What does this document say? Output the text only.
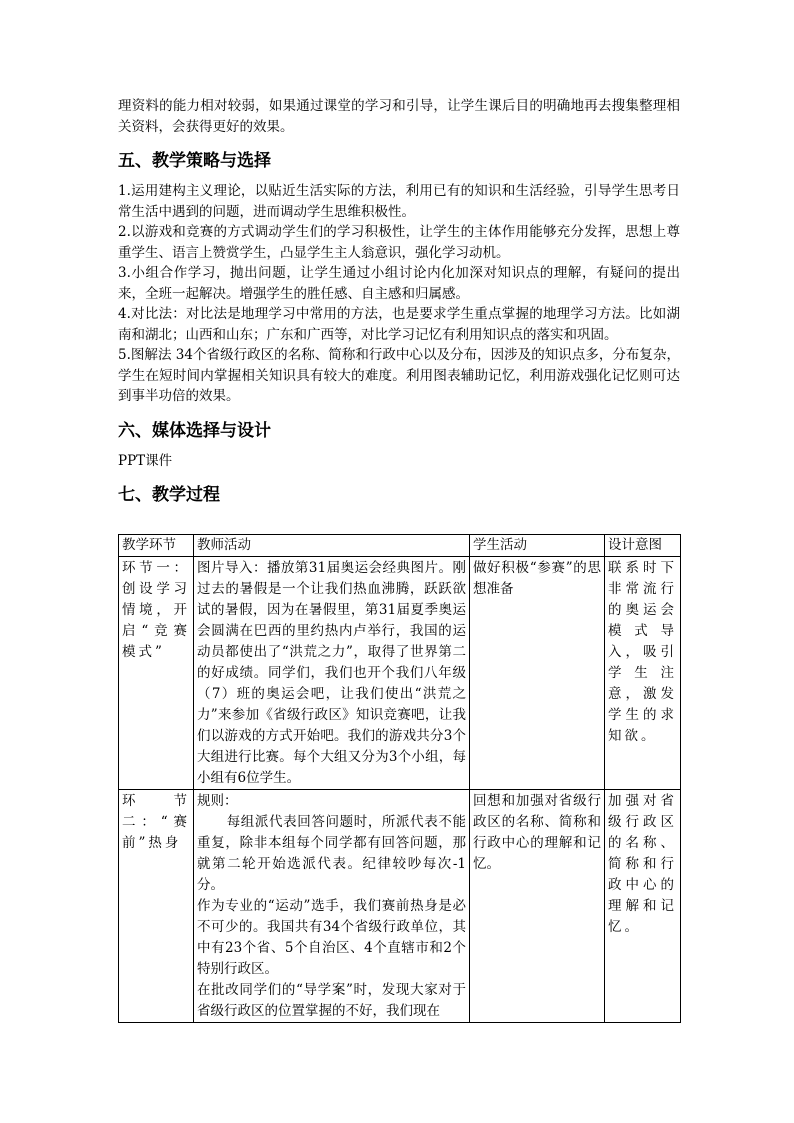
理资料的能力相对较弱，如果通过课堂的学习和引导，让学生课后目的明确地再去搜集整理相关资料，会获得更好的效果。

五、教学策略与选择

1.运用建构主义理论，以贴近生活实际的方法，利用已有的知识和生活经验，引导学生思考日常生活中遇到的问题，进而调动学生思维积极性。

2.以游戏和竞赛的方式调动学生们的学习积极性，让学生的主体作用能够充分发挥，思想上尊重学生、语言上赞赏学生，凸显学生主人翁意识，强化学习动机。

3.小组合作学习，抛出问题，让学生通过小组讨论内化加深对知识点的理解，有疑问的提出来，全班一起解决。增强学生的胜任感、自主感和归属感。

4.对比法：对比法是地理学习中常用的方法，也是要求学生重点掌握的地理学习方法。比如湖南和湖北；山西和山东；广东和广西等，对比学习记忆有利用知识点的落实和巩固。

5.图解法 34个省级行政区的名称、简称和行政中心以及分布，因涉及的知识点多，分布复杂，学生在短时间内掌握相关知识具有较大的难度。利用图表辅助记忆，利用游戏强化记忆则可达到事半功倍的效果。

六、媒体选择与设计

PPT课件

七、教学过程
教学环节	教师活动	学生活动	设计意图
环节一：创设学习情境，开启“竞赛模式”	图片导入：播放第31届奥运会经典图片。刚过去的暑假是一个让我们热血沸腾，跃跃欲试的暑假，因为在暑假里，第31届夏季奥运会圆满在巴西的里约热内卢举行，我国的运动员都使出了“洪荒之力”，取得了世界第二的好成绩。同学们，我们也开个我们八年级（7）班的奥运会吧，让我们使出“洪荒之力”来参加《省级行政区》知识竞赛吧，让我们以游戏的方式开始吧。我们的游戏共分3个大组进行比赛。每个大组又分为3个小组，每小组有6位学生。	做好积极“参赛”的思想准备	联系时下非常流行的奥运会模式导入，吸引学生注意，激发学生的求知欲。
环节二：“赛前”热身	规则：

每组派代表回答问题时，所派代表不能重复，除非本组每个同学都有回答问题，那就第二轮开始选派代表。纪律较吵每次-1分。

作为专业的“运动”选手，我们赛前热身是必不可少的。我国共有34个省级行政单位，其中有23个省、5个自治区、4个直辖市和2个特别行政区。

在批改同学们的“导学案”时，发现大家对于省级行政区的位置掌握的不好，我们现在	回想和加强对省级行政区的名称、简称和行政中心的理解和记忆。	加强对省级行政区的名称、简称和行政中心的理解和记忆。
